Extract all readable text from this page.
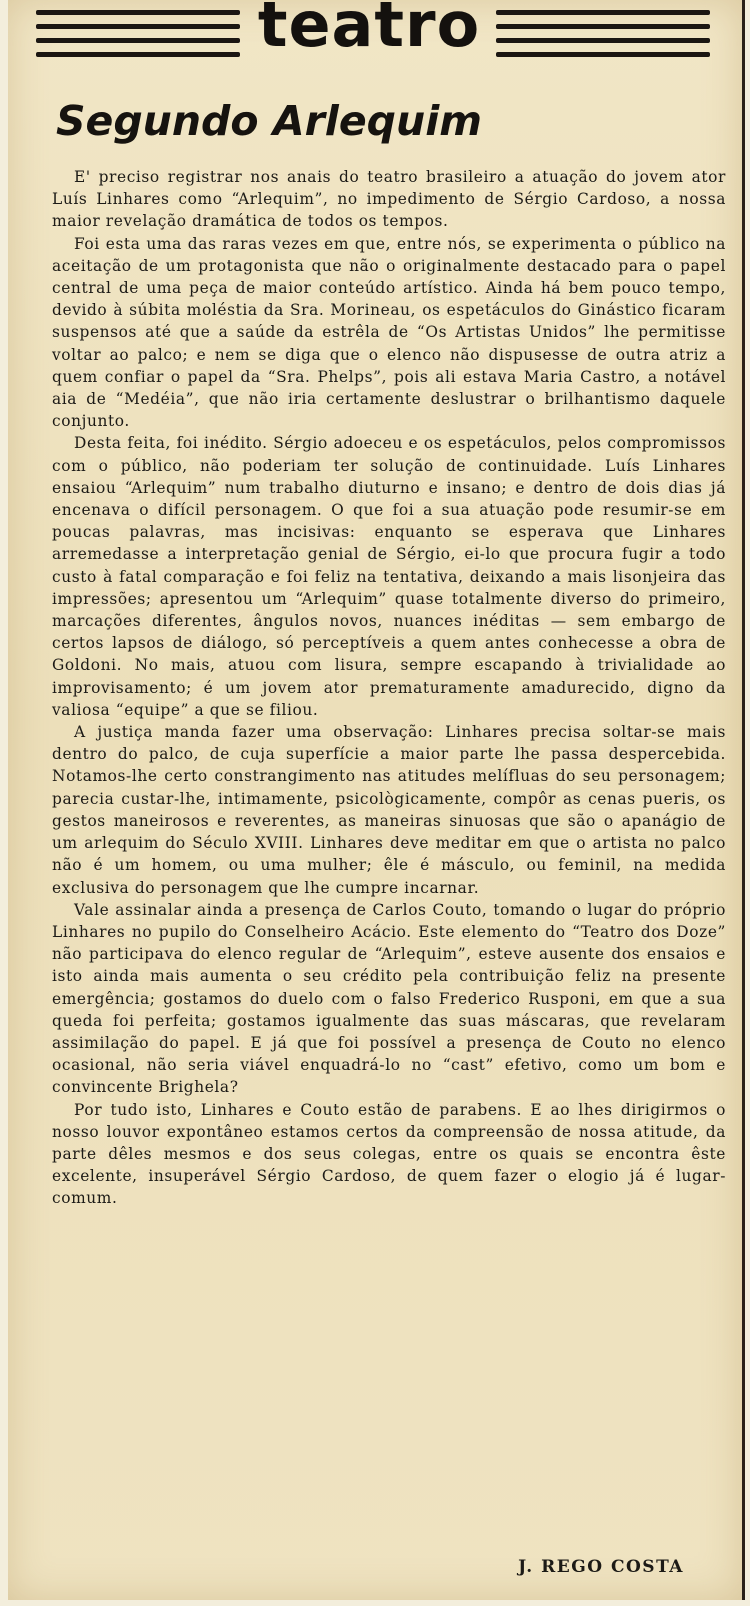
teatro
Segundo Arlequim

E' preciso registrar nos anais do teatro brasileiro a atuação do jovem ator Luís Linhares como “Arlequim”, no impedimento de Sérgio Cardoso, a nossa maior revelação dramática de todos os tempos.

Foi esta uma das raras vezes em que, entre nós, se experimenta o público na aceitação de um protagonista que não o originalmente destacado para o papel central de uma peça de maior conteúdo artístico. Ainda há bem pouco tempo, devido à súbita moléstia da Sra. Morineau, os espetáculos do Ginástico ficaram suspensos até que a saúde da estrêla de “Os Artistas Unidos” lhe permitisse voltar ao palco; e nem se diga que o elenco não dispusesse de outra atriz a quem confiar o papel da “Sra. Phelps”, pois ali estava Maria Castro, a notável aia de “Medéia”, que não iria certamente deslustrar o brilhantismo daquele conjunto.

Desta feita, foi inédito. Sérgio adoeceu e os espetáculos, pelos compromissos com o público, não poderiam ter solução de continuidade. Luís Linhares ensaiou “Arlequim” num trabalho diuturno e insano; e dentro de dois dias já encenava o difícil personagem. O que foi a sua atuação pode resumir-se em poucas palavras, mas incisivas: enquanto se esperava que Linhares arremedasse a interpretação genial de Sérgio, ei-lo que procura fugir a todo custo à fatal comparação e foi feliz na tentativa, deixando a mais lisonjeira das impressões; apresentou um “Arlequim” quase totalmente diverso do primeiro, marcações diferentes, ângulos novos, nuances inéditas — sem embargo de certos lapsos de diálogo, só perceptíveis a quem antes conhecesse a obra de Goldoni. No mais, atuou com lisura, sempre escapando à trivialidade ao improvisamento; é um jovem ator prematuramente amadurecido, digno da valiosa “equipe” a que se filiou.

A justiça manda fazer uma observação: Linhares precisa soltar-se mais dentro do palco, de cuja superfície a maior parte lhe passa despercebida. Notamos-lhe certo constrangimento nas atitudes melífluas do seu personagem; parecia custar-lhe, intimamente, psicològicamente, compôr as cenas pueris, os gestos maneirosos e reverentes, as maneiras sinuosas que são o apanágio de um arlequim do Século XVIII. Linhares deve meditar em que o artista no palco não é um homem, ou uma mulher; êle é másculo, ou feminil, na medida exclusiva do personagem que lhe cumpre incarnar.

Vale assinalar ainda a presença de Carlos Couto, tomando o lugar do próprio Linhares no pupilo do Conselheiro Acácio. Este elemento do “Teatro dos Doze” não participava do elenco regular de “Arlequim”, esteve ausente dos ensaios e isto ainda mais aumenta o seu crédito pela contribuição feliz na presente emergência; gostamos do duelo com o falso Frederico Rusponi, em que a sua queda foi perfeita; gostamos igualmente das suas máscaras, que revelaram assimilação do papel. E já que foi possível a presença de Couto no elenco ocasional, não seria viável enquadrá-lo no “cast” efetivo, como um bom e convincente Brighela?

Por tudo isto, Linhares e Couto estão de parabens. E ao lhes dirigirmos o nosso louvor expontâneo estamos certos da compreensão de nossa atitude, da parte dêles mesmos e dos seus colegas, entre os quais se encontra êste excelente, insuperável Sérgio Cardoso, de quem fazer o elogio já é lugar-comum.

J. REGO COSTA
